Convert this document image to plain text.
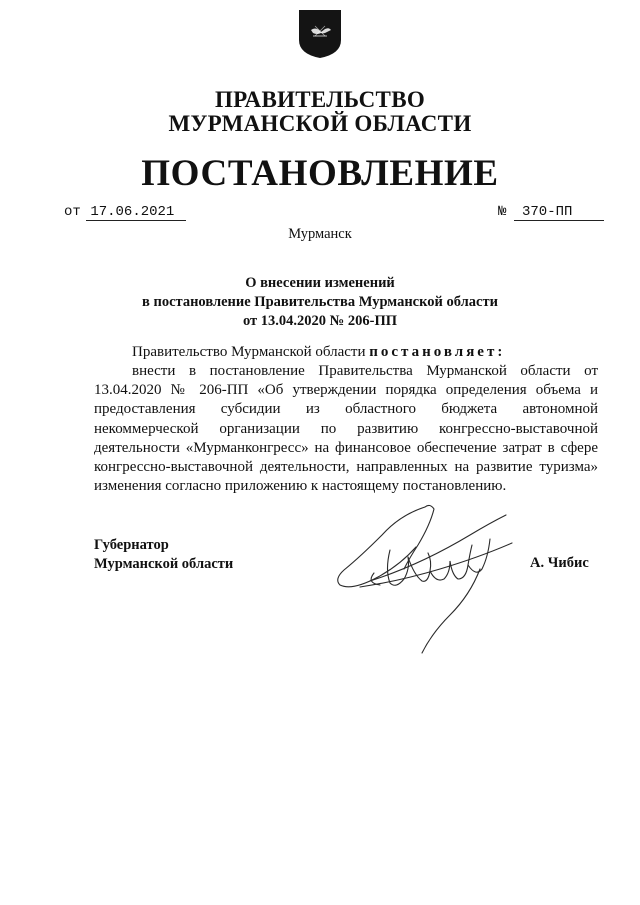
ПРАВИТЕЛЬСТВО
МУРМАНСКОЙ ОБЛАСТИ
ПОСТАНОВЛЕНИЕ
от 17.06.2021	№ 370-ПП

Мурманск

О внесении изменений
в постановление Правительства Мурманской области
от 13.04.2020 № 206-ПП
Правительство Мурманской области постановляет:

внести в постановление Правительства Мурманской области от 13.04.2020 № 206-ПП «Об утверждении порядка определения объема и предоставления субсидии из областного бюджета автономной некоммерческой организации по развитию конгрессно-выставочной деятельности «Мурманконгресс» на финансовое обеспечение затрат в сфере конгрессно-выставочной деятельности, направленных на развитие туризма» изменения согласно приложению к настоящему постановлению.

Губернатор
Мурманской области	А. Чибис
